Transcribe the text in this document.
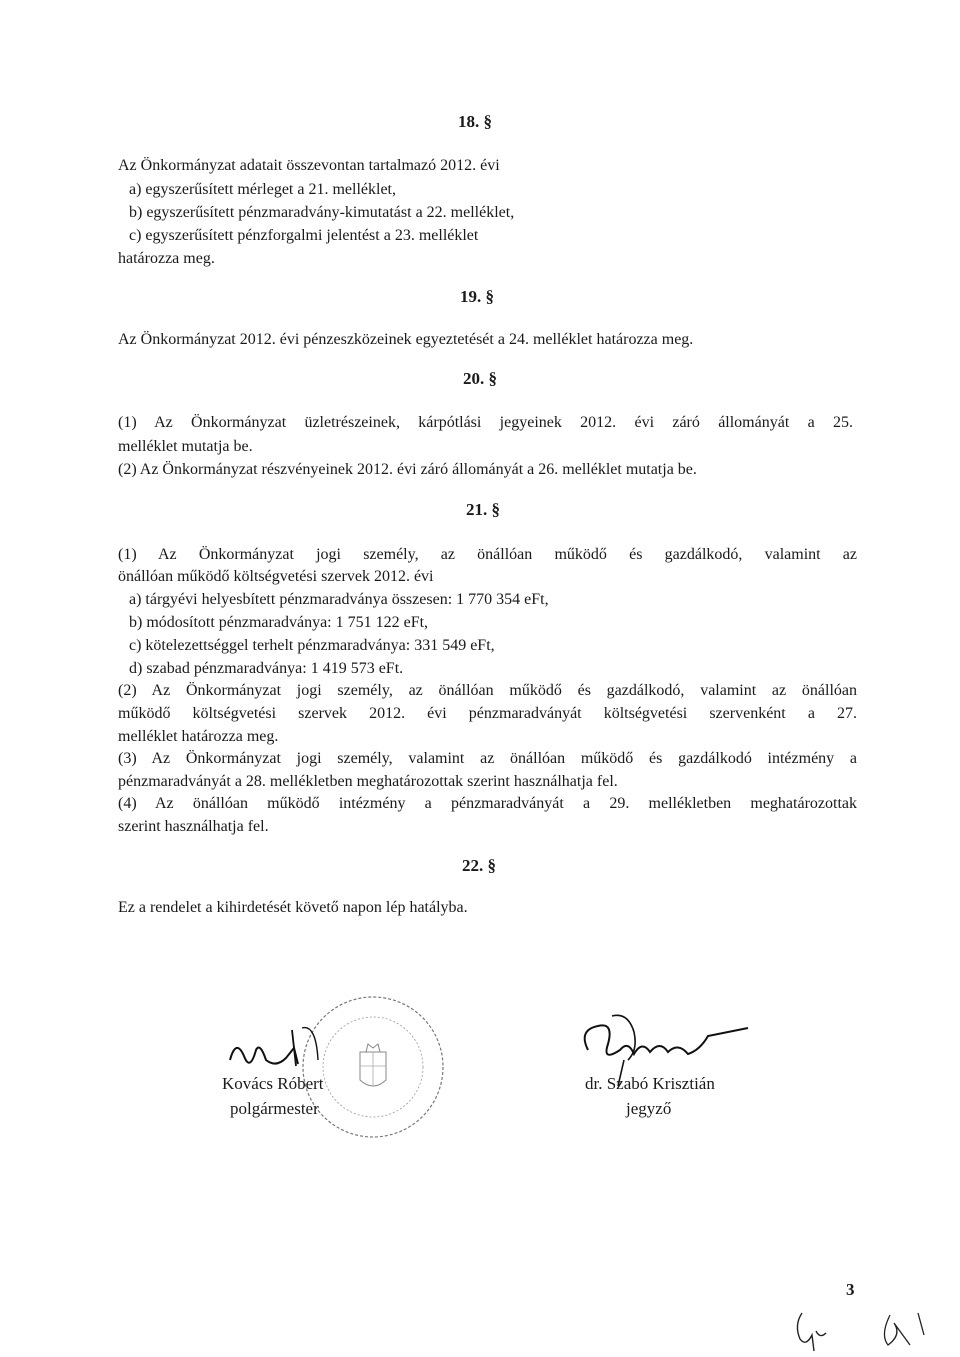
18. §
Az Önkormányzat adatait összevontan tartalmazó 2012. évi
a) egyszerűsített mérleget a 21. melléklet,
b) egyszerűsített pénzmaradvány-kimutatást a 22. melléklet,
c) egyszerűsített pénzforgalmi jelentést a 23. melléklet
határozza meg.
19. §
Az Önkormányzat 2012. évi pénzeszközeinek egyeztetését a 24. melléklet határozza meg.
20. §
(1) Az Önkormányzat üzletrészeinek, kárpótlási jegyeinek 2012. évi záró állományát a 25.
melléklet mutatja be.
(2) Az Önkormányzat részvényeinek 2012. évi záró állományát a 26. melléklet mutatja be.
21. §
(1) Az Önkormányzat jogi személy, az önállóan működő és gazdálkodó, valamint az
önállóan működő költségvetési szervek 2012. évi
a) tárgyévi helyesbített pénzmaradványa összesen: 1 770 354 eFt,
b) módosított pénzmaradványa: 1 751 122 eFt,
c) kötelezettséggel terhelt pénzmaradványa: 331 549 eFt,
d) szabad pénzmaradványa: 1 419 573 eFt.
(2) Az Önkormányzat jogi személy, az önállóan működő és gazdálkodó, valamint az önállóan
működő költségvetési szervek 2012. évi pénzmaradványát költségvetési szervenként a 27.
melléklet határozza meg.
(3) Az Önkormányzat jogi személy, valamint az önállóan működő és gazdálkodó intézmény a
pénzmaradványát a 28. mellékletben meghatározottak szerint használhatja fel.
(4) Az önállóan működő intézmény a pénzmaradványát a 29. mellékletben meghatározottak
szerint használhatja fel.
22. §
Ez a rendelet a kihirdetését követő napon lép hatályba.
Kovács Róbert
polgármester
dr. Szabó Krisztián
jegyző
3
